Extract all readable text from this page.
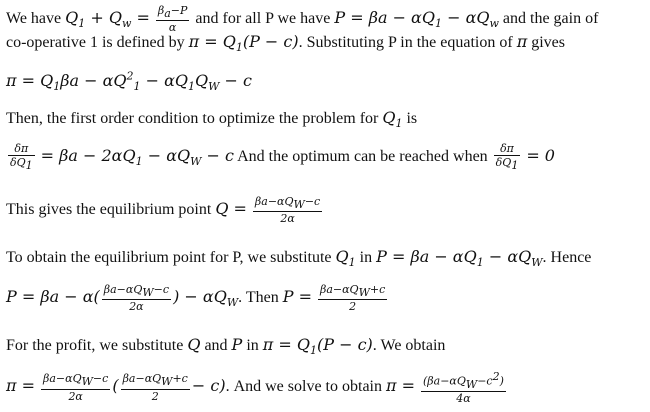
We have $Q_1 + Q_w = \frac{\beta_a-P}{\alpha}$ and for all P we have $P = \beta a - \alpha Q_1 - \alpha Q_w$ and the gain of
co-operative 1 is defined by $\pi = Q_1(P - c)$. Substituting P in the equation of π gives
$\pi = Q_1\beta a - \alpha Q^2_1 - \alpha Q_1Q_W - c$
Then, the first order condition to optimize the problem for $Q_1$ is
$\frac{\delta\pi}{\delta Q_1} = \beta a - 2\alpha Q_1 - \alpha Q_W - c$ And the optimum can be reached when $\frac{\delta\pi}{\delta Q_1} = 0$
This gives the equilibrium point $Q = \frac{\beta a-\alpha Q_W-c}{2\alpha}$
To obtain the equilibrium point for P, we substitute $Q_1$ in $P = \beta a - \alpha Q_1 - \alpha Q_W$. Hence
$P = \beta a - \alpha( \frac{\beta a-\alpha Q_W-c}{2\alpha}$ ) − $\alpha Q_W$. Then $P = \frac{\beta a-\alpha Q_W+c}{2}$
For the profit, we substitute Q and P in $\pi = Q_1(P - c)$. We obtain
$\pi = \frac{\beta a-\alpha Q_W-c}{2\alpha}$ ( $\frac{\beta a-\alpha Q_W+c}{2} - c$). And we solve to obtain $\pi = \frac{(\beta a-\alpha Q_W-c^2)}{4\alpha}$
